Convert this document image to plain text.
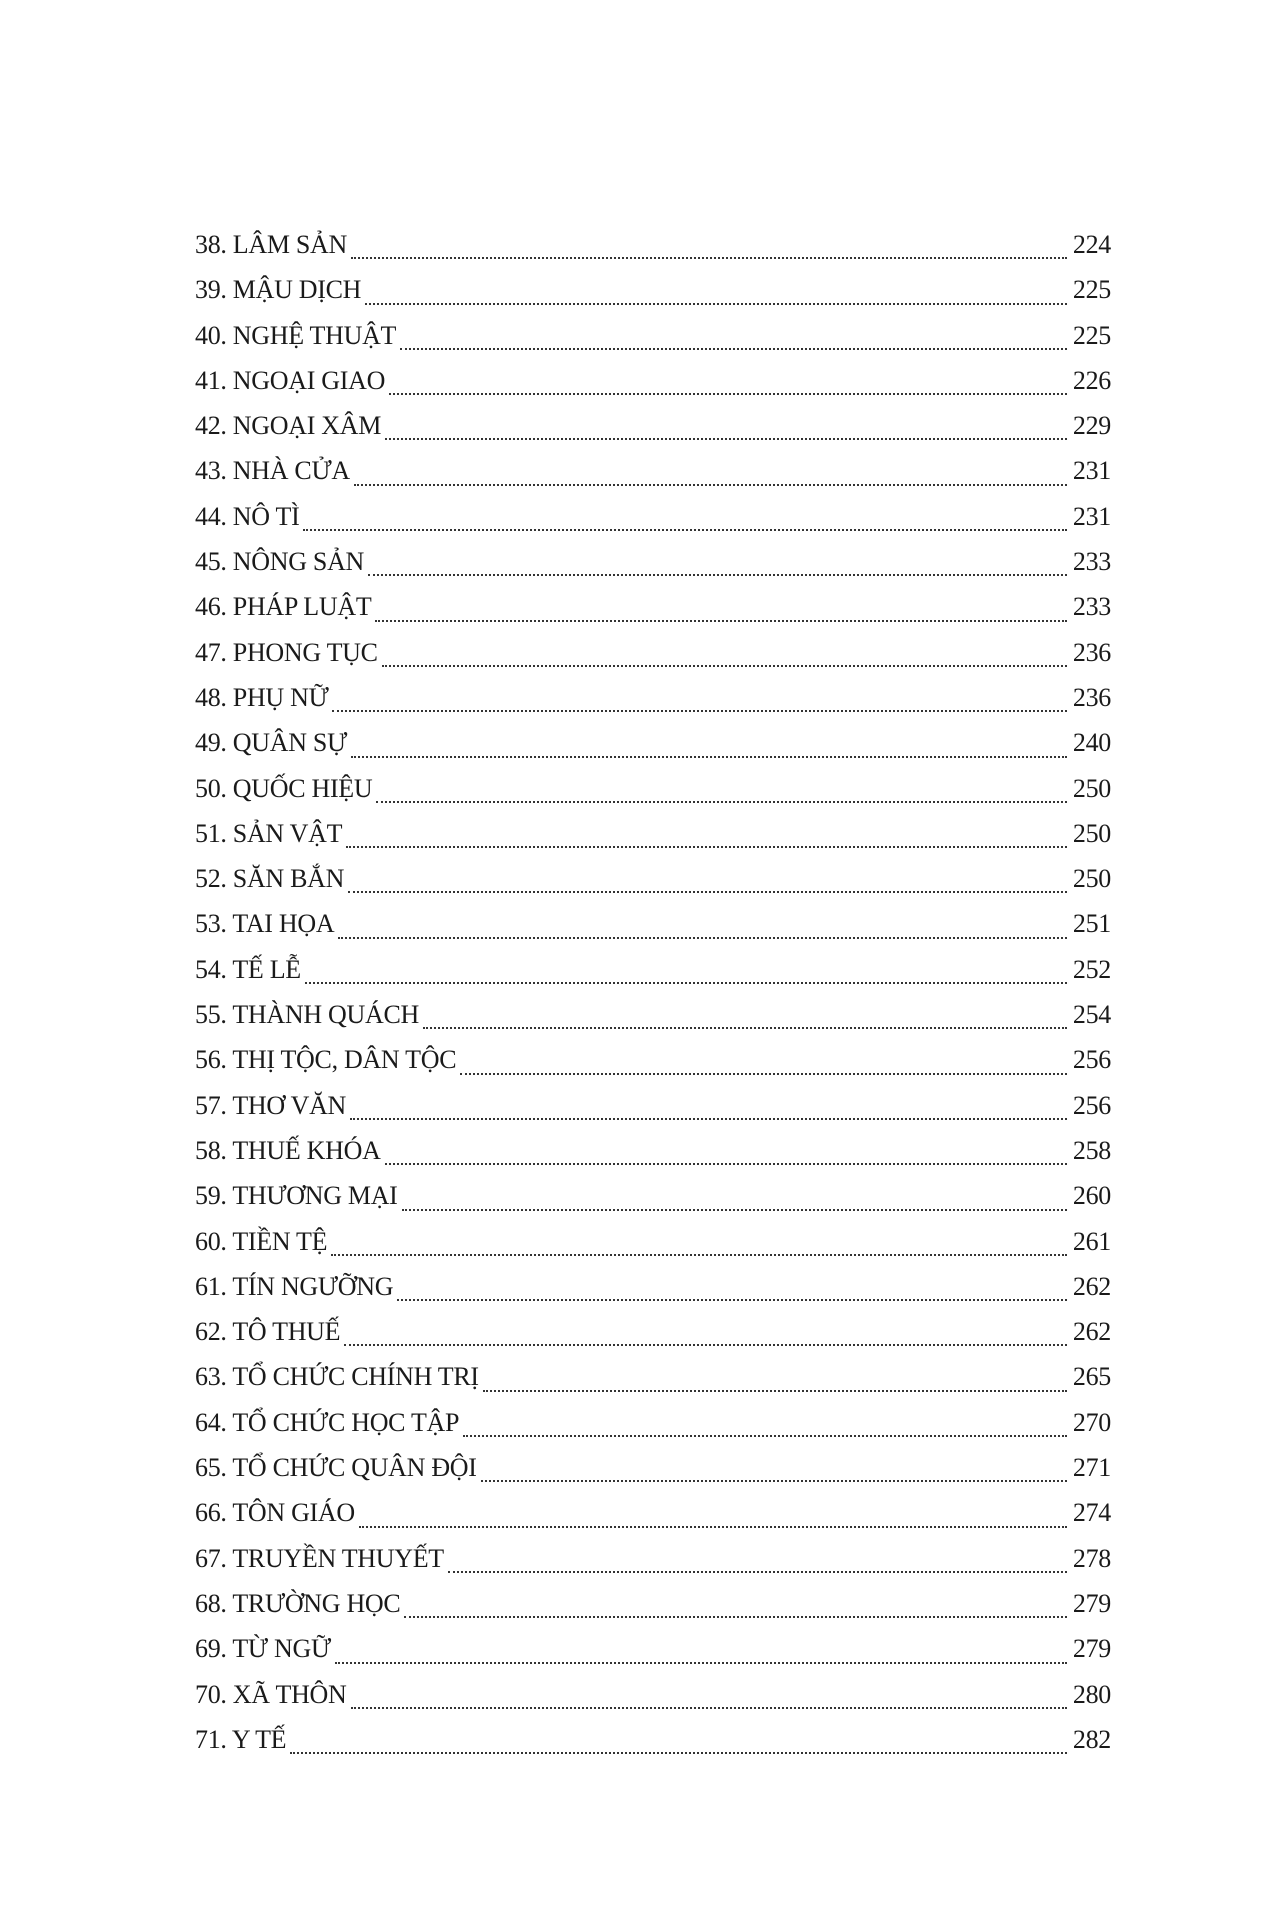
38. LÂM SẢN	224
39. MẬU DỊCH	225
40. NGHỆ THUẬT	225
41. NGOẠI GIAO	226
42. NGOẠI XÂM	229
43. NHÀ CỬA	231
44. NÔ TÌ	231
45. NÔNG SẢN	233
46. PHÁP LUẬT	233
47. PHONG TỤC	236
48. PHỤ NỮ	236
49. QUÂN SỰ	240
50. QUỐC HIỆU	250
51. SẢN VẬT	250
52. SĂN BẮN	250
53. TAI HỌA	251
54. TẾ LỄ	252
55. THÀNH QUÁCH	254
56. THỊ TỘC, DÂN TỘC	256
57. THƠ VĂN	256
58. THUẾ KHÓA	258
59. THƯƠNG MẠI	260
60. TIỀN TỆ	261
61. TÍN NGƯỠNG	262
62. TÔ THUẾ	262
63. TỔ CHỨC CHÍNH TRỊ	265
64. TỔ CHỨC HỌC TẬP	270
65. TỔ CHỨC QUÂN ĐỘI	271
66. TÔN GIÁO	274
67. TRUYỀN THUYẾT	278
68. TRƯỜNG HỌC	279
69. TỪ NGỮ	279
70. XÃ THÔN	280
71. Y TẾ	282
